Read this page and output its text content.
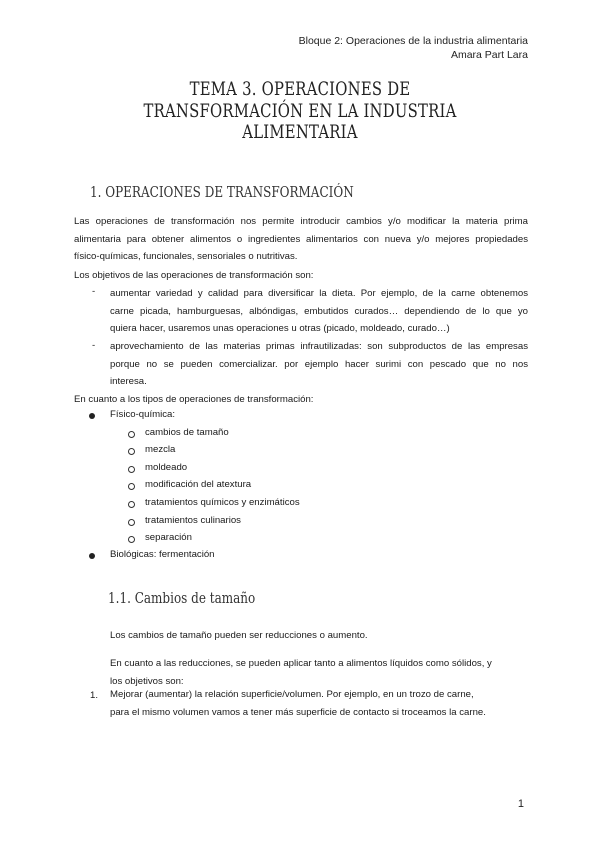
Bloque 2: Operaciones de la industria alimentaria
Amara Part Lara
TEMA 3. OPERACIONES DE TRANSFORMACIÓN EN LA INDUSTRIA
ALIMENTARIA
1. OPERACIONES DE TRANSFORMACIÓN
Las operaciones de transformación nos permite introducir cambios y/o modificar la materia prima
alimentaria para obtener alimentos o ingredientes alimentarios con nueva y/o mejores propiedades
físico-químicas, funcionales, sensoriales o nutritivas.
Los objetivos de las operaciones de transformación son:
- aumentar variedad y calidad para diversificar la dieta. Por ejemplo, de la carne obtenemos
carne picada, hamburguesas, albóndigas, embutidos curados… dependiendo de lo que yo
quiera hacer, usaremos unas operaciones u otras (picado, moldeado, curado…)
- aprovechamiento de las materias primas infrautilizadas: son subproductos de las empresas
porque no se pueden comercializar. por ejemplo hacer surimi con pescado que no nos
interesa.
En cuanto a los tipos de operaciones de transformación:
Físico-química:
cambios de tamaño
mezcla
moldeado
modificación del atextura
tratamientos químicos y enzimáticos
tratamientos culinarios
separación
Biológicas: fermentación
1.1. Cambios de tamaño
Los cambios de tamaño pueden ser reducciones o aumento.
En cuanto a las reducciones, se pueden aplicar tanto a alimentos líquidos como sólidos, y
los objetivos son:
1. Mejorar (aumentar) la relación superficie/volumen. Por ejemplo, en un trozo de carne,
para el mismo volumen vamos a tener más superficie de contacto si troceamos la carne.
1
